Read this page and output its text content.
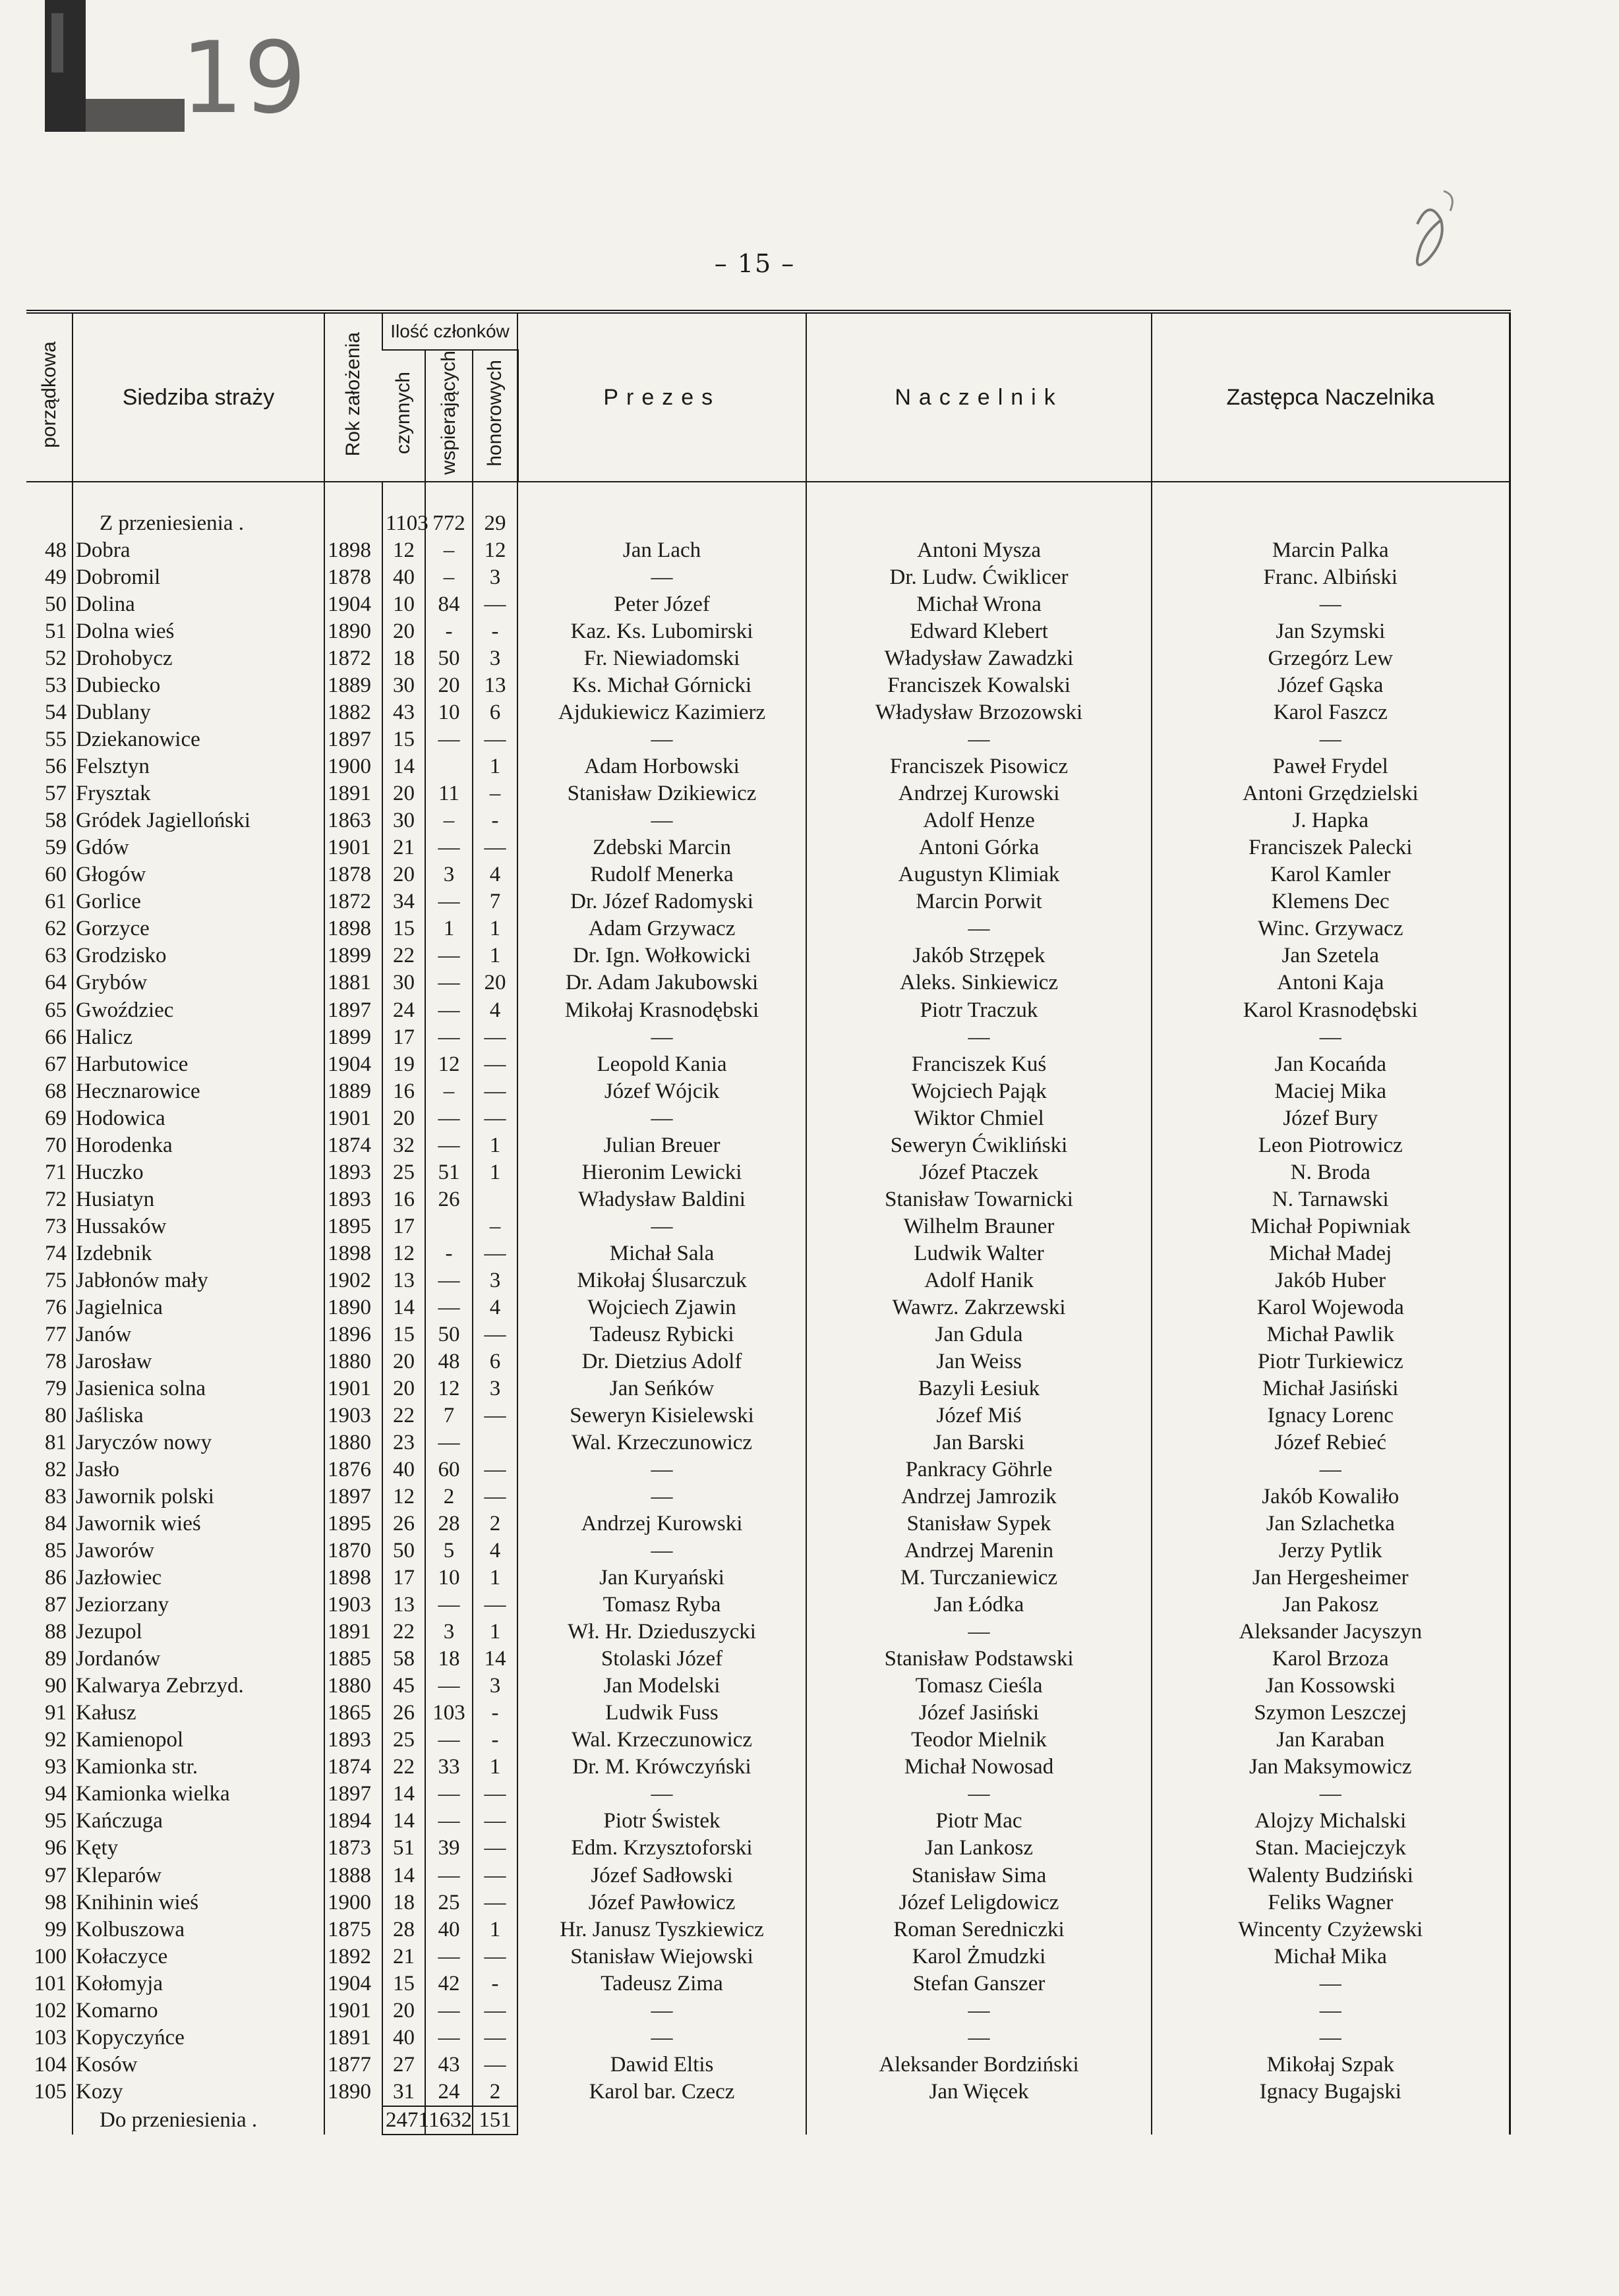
19
– 15 –
porządkowa	Siedziba straży	Rok założenia	Ilość członków			Prezes	Naczelnik	Zastępca Naczelnika
			czynnych	wspierających	honorowych			

	Z przeniesienia .		1103	772	29			
48	Dobra	1898	12	–	12	Jan Lach	Antoni Mysza	Marcin Palka
49	Dobromil	1878	40	–	3	—	Dr. Ludw. Ćwiklicer	Franc. Albiński
50	Dolina	1904	10	84	—	Peter Józef	Michał Wrona	—
51	Dolna wieś	1890	20	-	-	Kaz. Ks. Lubomirski	Edward Klebert	Jan Szymski
52	Drohobycz	1872	18	50	3	Fr. Niewiadomski	Władysław Zawadzki	Grzegórz Lew
53	Dubiecko	1889	30	20	13	Ks. Michał Górnicki	Franciszek Kowalski	Józef Gąska
54	Dublany	1882	43	10	6	Ajdukiewicz Kazimierz	Władysław Brzozowski	Karol Faszcz
55	Dziekanowice	1897	15	—	—	—	—	—
56	Felsztyn	1900	14		1	Adam Horbowski	Franciszek Pisowicz	Paweł Frydel
57	Frysztak	1891	20	11	–	Stanisław Dzikiewicz	Andrzej Kurowski	Antoni Grzędzielski
58	Gródek Jagielloński	1863	30	–	-	—	Adolf Henze	J. Hapka
59	Gdów	1901	21	—	—	Zdebski Marcin	Antoni Górka	Franciszek Palecki
60	Głogów	1878	20	3	4	Rudolf Menerka	Augustyn Klimiak	Karol Kamler
61	Gorlice	1872	34	—	7	Dr. Józef Radomyski	Marcin Porwit	Klemens Dec
62	Gorzyce	1898	15	1	1	Adam Grzywacz	—	Winc. Grzywacz
63	Grodzisko	1899	22	—	1	Dr. Ign. Wołkowicki	Jakób Strzępek	Jan Szetela
64	Grybów	1881	30	—	20	Dr. Adam Jakubowski	Aleks. Sinkiewicz	Antoni Kaja
65	Gwoździec	1897	24	—	4	Mikołaj Krasnodębski	Piotr Traczuk	Karol Krasnodębski
66	Halicz	1899	17	—	—	—	—	—
67	Harbutowice	1904	19	12	—	Leopold Kania	Franciszek Kuś	Jan Kocańda
68	Hecznarowice	1889	16	–	—	Józef Wójcik	Wojciech Pająk	Maciej Mika
69	Hodowica	1901	20	—	—	—	Wiktor Chmiel	Józef Bury
70	Horodenka	1874	32	—	1	Julian Breuer	Seweryn Ćwikliński	Leon Piotrowicz
71	Huczko	1893	25	51	1	Hieronim Lewicki	Józef Ptaczek	N. Broda
72	Husiatyn	1893	16	26		Władysław Baldini	Stanisław Towarnicki	N. Tarnawski
73	Hussaków	1895	17		–	—	Wilhelm Brauner	Michał Popiwniak
74	Izdebnik	1898	12	-	—	Michał Sala	Ludwik Walter	Michał Madej
75	Jabłonów mały	1902	13	—	3	Mikołaj Ślusarczuk	Adolf Hanik	Jakób Huber
76	Jagielnica	1890	14	—	4	Wojciech Zjawin	Wawrz. Zakrzewski	Karol Wojewoda
77	Janów	1896	15	50	—	Tadeusz Rybicki	Jan Gdula	Michał Pawlik
78	Jarosław	1880	20	48	6	Dr. Dietzius Adolf	Jan Weiss	Piotr Turkiewicz
79	Jasienica solna	1901	20	12	3	Jan Seńków	Bazyli Łesiuk	Michał Jasiński
80	Jaśliska	1903	22	7	—	Seweryn Kisielewski	Józef Miś	Ignacy Lorenc
81	Jaryczów nowy	1880	23	—		Wal. Krzeczunowicz	Jan Barski	Józef Rebieć
82	Jasło	1876	40	60	—	—	Pankracy Göhrle	—
83	Jawornik polski	1897	12	2	—	—	Andrzej Jamrozik	Jakób Kowaliło
84	Jawornik wieś	1895	26	28	2	Andrzej Kurowski	Stanisław Sypek	Jan Szlachetka
85	Jaworów	1870	50	5	4	—	Andrzej Marenin	Jerzy Pytlik
86	Jazłowiec	1898	17	10	1	Jan Kuryański	M. Turczaniewicz	Jan Hergesheimer
87	Jeziorzany	1903	13	—	—	Tomasz Ryba	Jan Łódka	Jan Pakosz
88	Jezupol	1891	22	3	1	Wł. Hr. Dzieduszycki	—	Aleksander Jacyszyn
89	Jordanów	1885	58	18	14	Stolaski Józef	Stanisław Podstawski	Karol Brzoza
90	Kalwarya Zebrzyd.	1880	45	—	3	Jan Modelski	Tomasz Cieśla	Jan Kossowski
91	Kałusz	1865	26	103	-	Ludwik Fuss	Józef Jasiński	Szymon Leszczej
92	Kamienopol	1893	25	—	-	Wal. Krzeczunowicz	Teodor Mielnik	Jan Karaban
93	Kamionka str.	1874	22	33	1	Dr. M. Krówczyński	Michał Nowosad	Jan Maksymowicz
94	Kamionka wielka	1897	14	—	—	—	—	—
95	Kańczuga	1894	14	—	—	Piotr Świstek	Piotr Mac	Alojzy Michalski
96	Kęty	1873	51	39	—	Edm. Krzysztoforski	Jan Lankosz	Stan. Maciejczyk
97	Kleparów	1888	14	—	—	Józef Sadłowski	Stanisław Sima	Walenty Budziński
98	Knihinin wieś	1900	18	25	—	Józef Pawłowicz	Józef Leligdowicz	Feliks Wagner
99	Kolbuszowa	1875	28	40	1	Hr. Janusz Tyszkiewicz	Roman Seredniczki	Wincenty Czyżewski
100	Kołaczyce	1892	21	—	—	Stanisław Wiejowski	Karol Żmudzki	Michał Mika
101	Kołomyja	1904	15	42	-	Tadeusz Zima	Stefan Ganszer	—
102	Komarno	1901	20	—	—	—	—	—
103	Kopyczyńce	1891	40	—	—	—	—	—
104	Kosów	1877	27	43	—	Dawid Eltis	Aleksander Bordziński	Mikołaj Szpak
105	Kozy	1890	31	24	2	Karol bar. Czecz	Jan Więcek	Ignacy Bugajski
	Do przeniesienia .		2471	1632	151			
